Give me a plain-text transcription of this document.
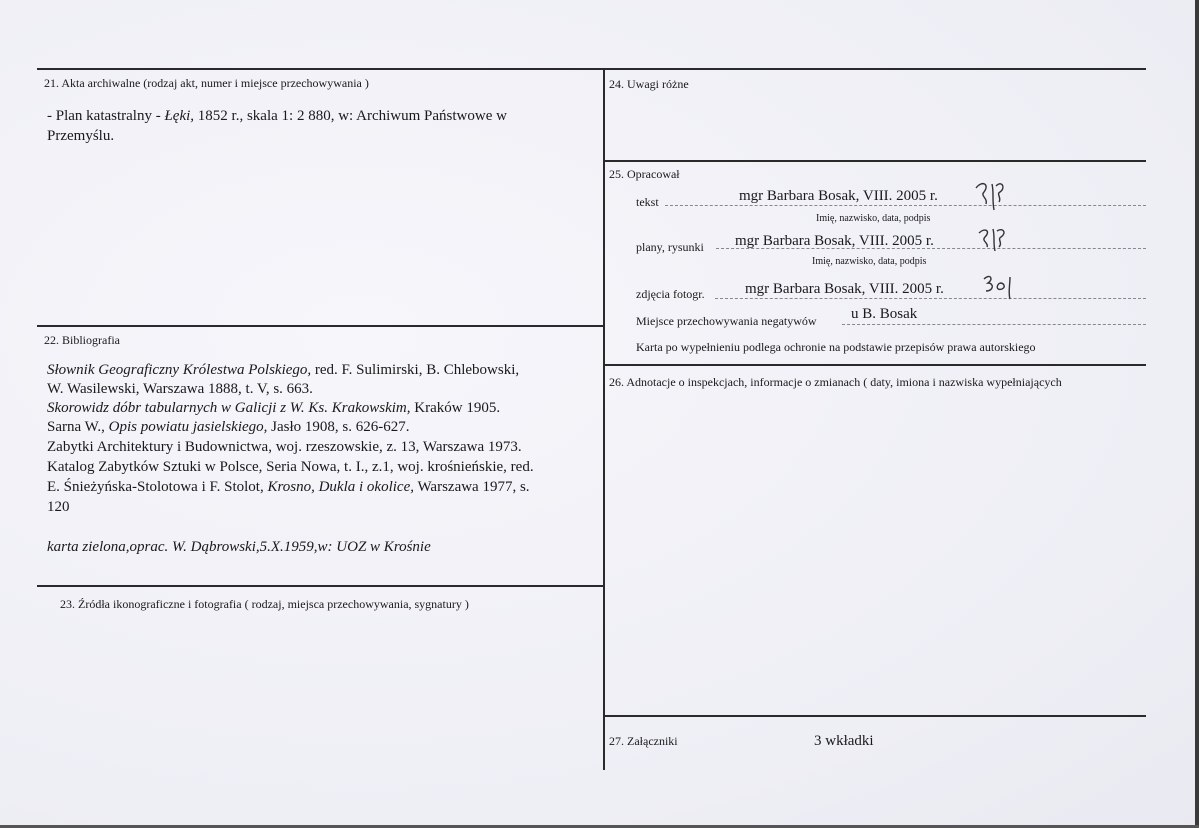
21. Akta archiwalne (rodzaj akt, numer i miejsce przechowywania )
- Plan katastralny - Łęki, 1852 r., skala 1: 2 880, w: Archiwum Państwowe w
Przemyślu.
22. Bibliografia
Słownik Geograficzny Królestwa Polskiego, red. F. Sulimirski, B. Chlebowski,
W. Wasilewski, Warszawa 1888, t. V, s. 663.
Skorowidz dóbr tabularnych w Galicji z W. Ks. Krakowskim, Kraków 1905.
Sarna W., Opis powiatu jasielskiego, Jasło 1908, s. 626-627.
Zabytki Architektury i Budownictwa, woj. rzeszowskie, z. 13, Warszawa 1973.
Katalog Zabytków Sztuki w Polsce, Seria Nowa, t. I., z.1, woj. krośnieńskie, red.
E. Śnieżyńska-Stolotowa i F. Stolot, Krosno, Dukla i okolice, Warszawa 1977, s.
120
karta zielona,oprac. W. Dąbrowski,5.X.1959,w: UOZ w Krośnie
23. Źródła ikonograficzne i fotografia ( rodzaj, miejsca przechowywania, sygnatury )
24. Uwagi różne
25. Opracował
tekst	mgr Barbara Bosak, VIII. 2005 r.
Imię, nazwisko, data, podpis
plany, rysunki mgr Barbara Bosak, VIII. 2005 r.
Imię, nazwisko, data, podpis
zdjęcia fotogr.	mgr Barbara Bosak, VIII. 2005 r.
Miejsce przechowywania negatywów u B. Bosak
Karta po wypełnieniu podlega ochronie na podstawie przepisów prawa autorskiego
26. Adnotacje o inspekcjach, informacje o zmianach ( daty, imiona i nazwiska wypełniających
27. Załączniki	3 wkładki
